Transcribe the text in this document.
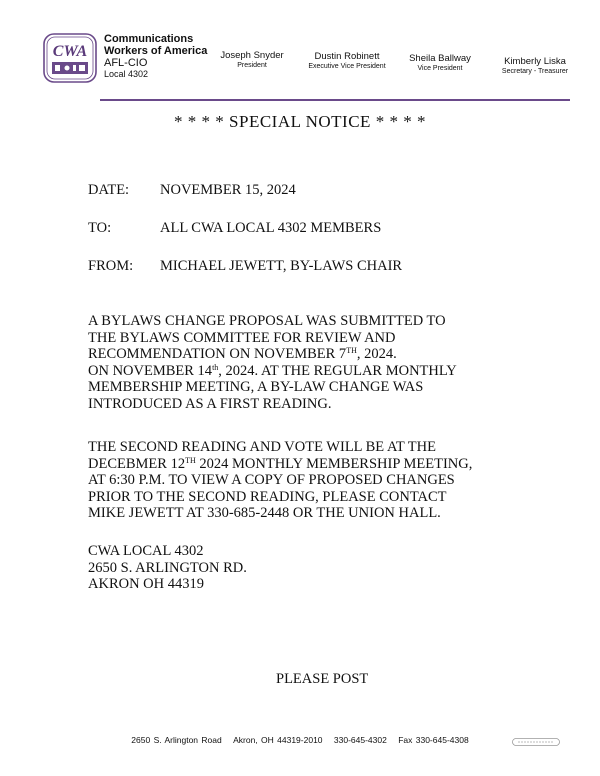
CWA
Communications
Workers of America
AFL-CIO
Local 4302
Joseph Snyder
President
Dustin Robinett
Executive Vice President
Sheila Ballway
Vice President
Kimberly Liska
Secretary - Treasurer
* * * * SPECIAL NOTICE * * * *
DATE: NOVEMBER 15, 2024
TO:	ALL CWA LOCAL 4302 MEMBERS
FROM: MICHAEL JEWETT, BY-LAWS CHAIR
A BYLAWS CHANGE PROPOSAL WAS SUBMITTED TO
THE BYLAWS COMMITTEE FOR REVIEW AND
RECOMMENDATION ON NOVEMBER 7TH, 2024.
ON NOVEMBER 14th, 2024. AT THE REGULAR MONTHLY
MEMBERSHIP MEETING, A BY-LAW CHANGE WAS
INTRODUCED AS A FIRST READING.
THE SECOND READING AND VOTE WILL BE AT THE
DECEBMER 12TH 2024 MONTHLY MEMBERSHIP MEETING,
AT 6:30 P.M. TO VIEW A COPY OF PROPOSED CHANGES
PRIOR TO THE SECOND READING, PLEASE CONTACT
MIKE JEWETT AT 330-685-2448 OR THE UNION HALL.
CWA LOCAL 4302
2650 S. ARLINGTON RD.
AKRON OH 44319
PLEASE POST
2650 S. Arlington Road Akron, OH 44319-2010 330-645-4302 Fax 330-645-4308
